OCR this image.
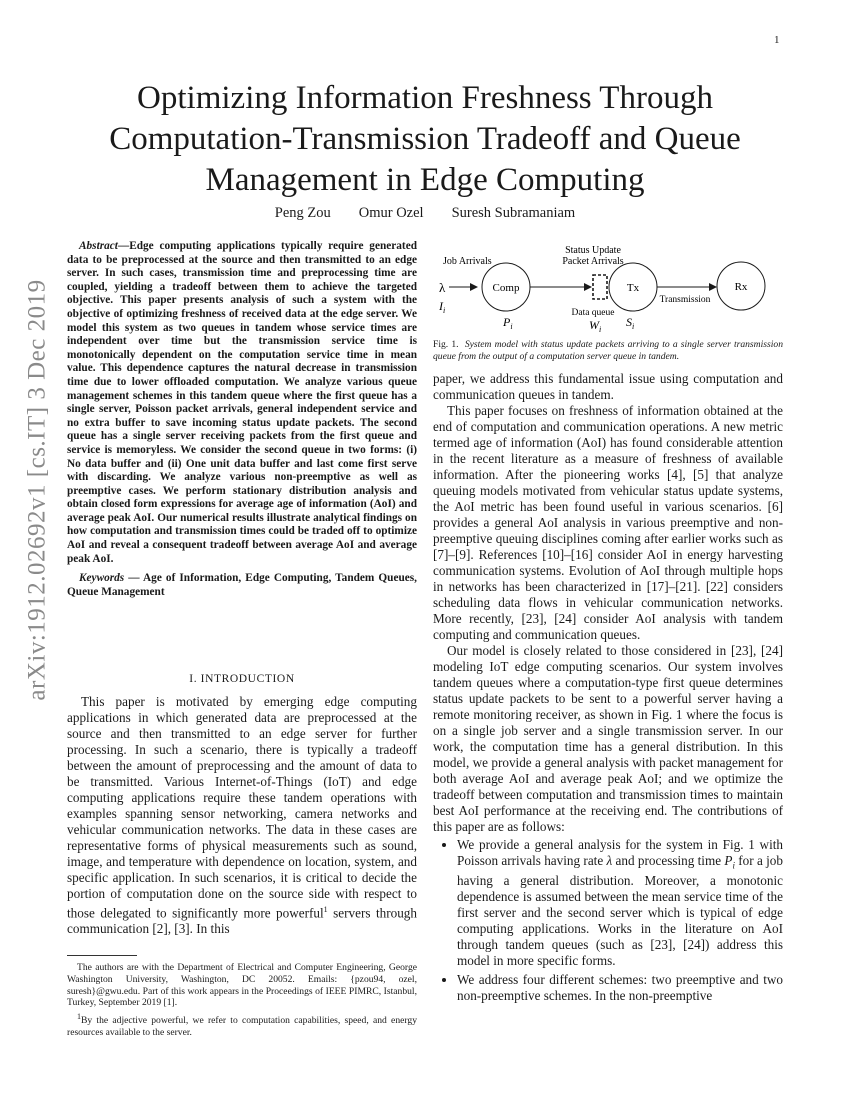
1
arXiv:1912.02692v1 [cs.IT] 3 Dec 2019
Optimizing Information Freshness Through Computation-Transmission Tradeoff and Queue Management in Edge Computing
Peng Zou Omur Ozel Suresh Subramaniam

Abstract—Edge computing applications typically require generated data to be preprocessed at the source and then transmitted to an edge server. In such cases, transmission time and preprocessing time are coupled, yielding a tradeoff between them to achieve the targeted objective. This paper presents analysis of such a system with the objective of optimizing freshness of received data at the edge server. We model this system as two queues in tandem whose service times are independent over time but the transmission service time is monotonically dependent on the computation service time in mean value. This dependence captures the natural decrease in transmission time due to lower offloaded computation. We analyze various queue management schemes in this tandem queue where the first queue has a single server, Poisson packet arrivals, general independent service and no extra buffer to save incoming status update packets. The second queue has a single server receiving packets from the first queue and service is memoryless. We consider the second queue in two forms: (i) No data buffer and (ii) One unit data buffer and last come first serve with discarding. We analyze various non-preemptive as well as preemptive cases. We perform stationary distribution analysis and obtain closed form expressions for average age of information (AoI) and average peak AoI. Our numerical results illustrate analytical findings on how computation and transmission times could be traded off to optimize AoI and reveal a consequent tradeoff between average AoI and average peak AoI.

Keywords — Age of Information, Edge Computing, Tandem Queues, Queue Management

I. INTRODUCTION

This paper is motivated by emerging edge computing applications in which generated data are preprocessed at the source and then transmitted to an edge server for further processing. In such a scenario, there is typically a tradeoff between the amount of preprocessing and the amount of data to be transmitted. Various Internet-of-Things (IoT) and edge computing applications require these tandem operations with examples spanning sensor networking, camera networks and vehicular communication networks. The data in these cases are representative forms of physical measurements such as sound, image, and temperature with dependence on location, system, and specific application. In such scenarios, it is critical to decide the portion of computation done on the source side with respect to those delegated to significantly more powerful$^1$ servers through communication [2], [3]. In this

The authors are with the Department of Electrical and Computer Engineering, George Washington University, Washington, DC 20052. Emails: {pzou94, ozel, suresh}@gwu.edu. Part of this work appears in the Proceedings of IEEE PIMRC, Istanbul, Turkey, September 2019 [1].

$^1$By the adjective powerful, we refer to computation capabilities, speed, and energy resources available to the server.

Job Arrivals
λ
$I_i$
Comp
$P_i$
Status Update
Packet Arrivals
Data queue
$W_i$
Tx
$S_i$
Transmission
Rx

Fig. 1. System model with status update packets arriving to a single server transmission queue from the output of a computation server queue in tandem.

paper, we address this fundamental issue using computation and communication queues in tandem.

This paper focuses on freshness of information obtained at the end of computation and communication operations. A new metric termed age of information (AoI) has found considerable attention in the recent literature as a measure of freshness of available information. After the pioneering works [4], [5] that analyze queuing models motivated from vehicular status update systems, the AoI metric has been found useful in various scenarios. [6] provides a general AoI analysis in various preemptive and non-preemptive queuing disciplines coming after earlier works such as [7]–[9]. References [10]–[16] consider AoI in energy harvesting communication systems. Evolution of AoI through multiple hops in networks has been characterized in [17]–[21]. [22] considers scheduling data flows in vehicular communication networks. More recently, [23], [24] consider AoI analysis with tandem computing and communication queues.

Our model is closely related to those considered in [23], [24] modeling IoT edge computing scenarios. Our system involves tandem queues where a computation-type first queue determines status update packets to be sent to a powerful server having a remote monitoring receiver, as shown in Fig. 1 where the focus is on a single job server and a single transmission server. In our work, the computation time has a general distribution. In this model, we provide a general analysis with packet management for both average AoI and average peak AoI; and we optimize the tradeoff between computation and transmission times to maintain best AoI performance at the receiving end. The contributions of this paper are as follows:

• We provide a general analysis for the system in Fig. 1 with Poisson arrivals having rate λ and processing time $P_i$ for a job having a general distribution. Moreover, a monotonic dependence is assumed between the mean service time of the first server and the second server which is typical of edge computing applications. Works in the literature on AoI through tandem queues (such as [23], [24]) address this model in more specific forms.
• We address four different schemes: two preemptive and two non-preemptive schemes. In the non-preemptive
